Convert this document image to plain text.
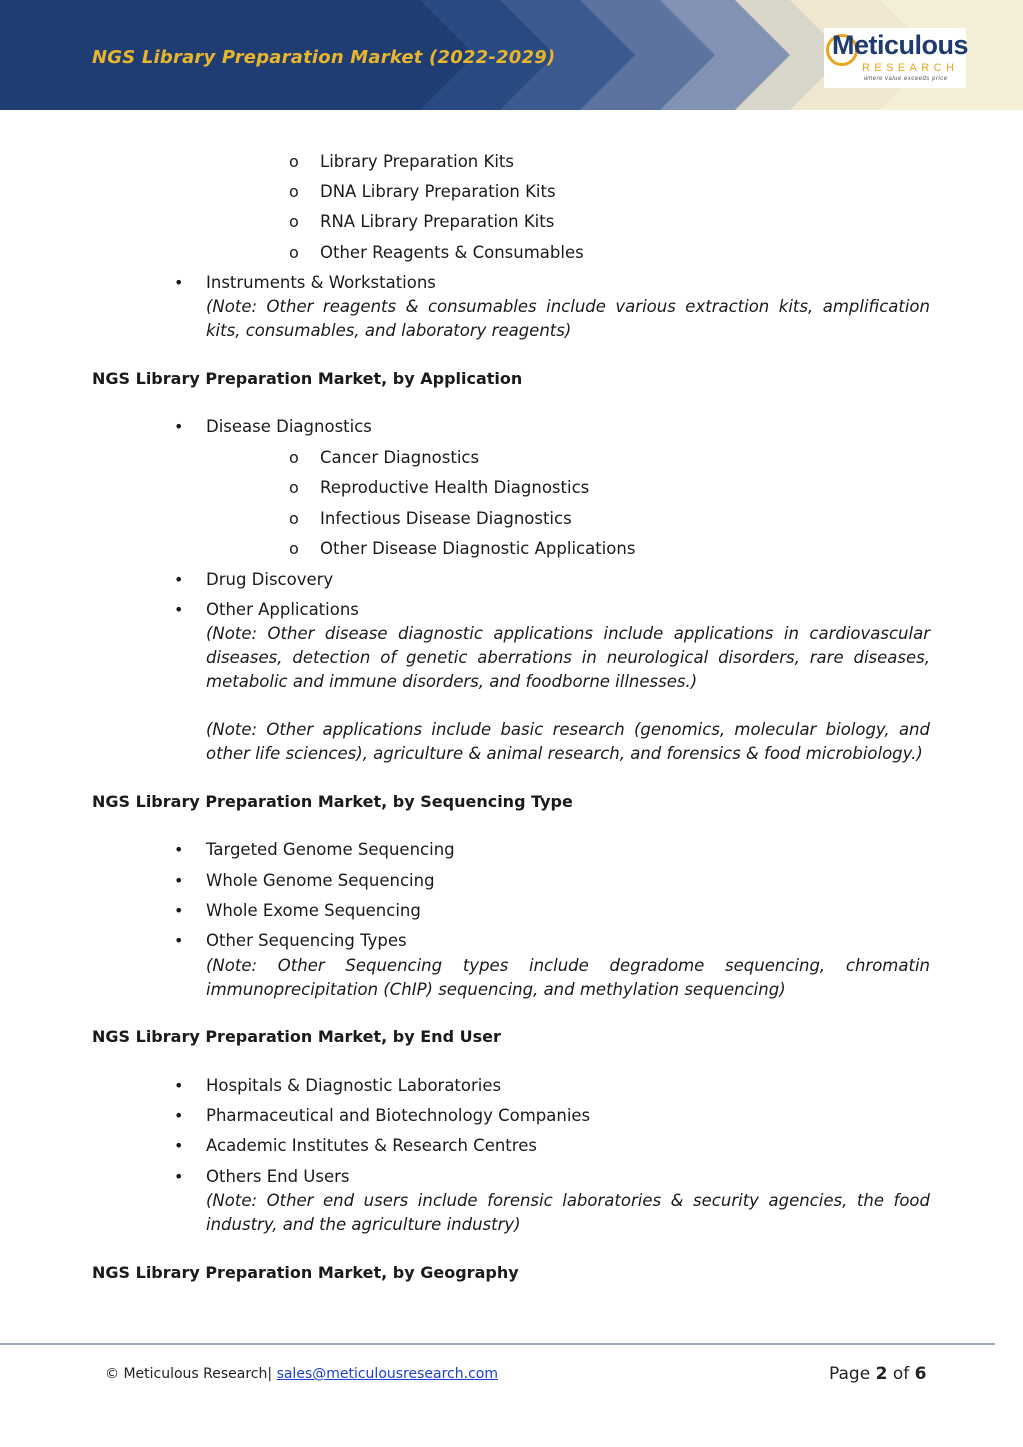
NGS Library Preparation Market (2022-2029)	Meticulous
RESEARCH
where value exceeds price
o Library Preparation Kits
o DNA Library Preparation Kits
o RNA Library Preparation Kits
o Other Reagents & Consumables
• Instruments & Workstations
(Note: Other reagents & consumables include various extraction kits, amplification kits, consumables, and laboratory reagents)
NGS Library Preparation Market, by Application
• Disease Diagnostics
o Cancer Diagnostics
o Reproductive Health Diagnostics
o Infectious Disease Diagnostics
o Other Disease Diagnostic Applications
• Drug Discovery
• Other Applications
(Note: Other disease diagnostic applications include applications in cardiovascular diseases, detection of genetic aberrations in neurological disorders, rare diseases, metabolic and immune disorders, and foodborne illnesses.)
(Note: Other applications include basic research (genomics, molecular biology, and other life sciences), agriculture & animal research, and forensics & food microbiology.)
NGS Library Preparation Market, by Sequencing Type
• Targeted Genome Sequencing
• Whole Genome Sequencing
• Whole Exome Sequencing
• Other Sequencing Types
(Note: Other Sequencing types include degradome sequencing, chromatin immunoprecipitation (ChIP) sequencing, and methylation sequencing)
NGS Library Preparation Market, by End User
• Hospitals & Diagnostic Laboratories
• Pharmaceutical and Biotechnology Companies
• Academic Institutes & Research Centres
• Others End Users
(Note: Other end users include forensic laboratories & security agencies, the food industry, and the agriculture industry)
NGS Library Preparation Market, by Geography
© Meticulous Research| sales@meticulousresearch.com	Page 2 of 6
